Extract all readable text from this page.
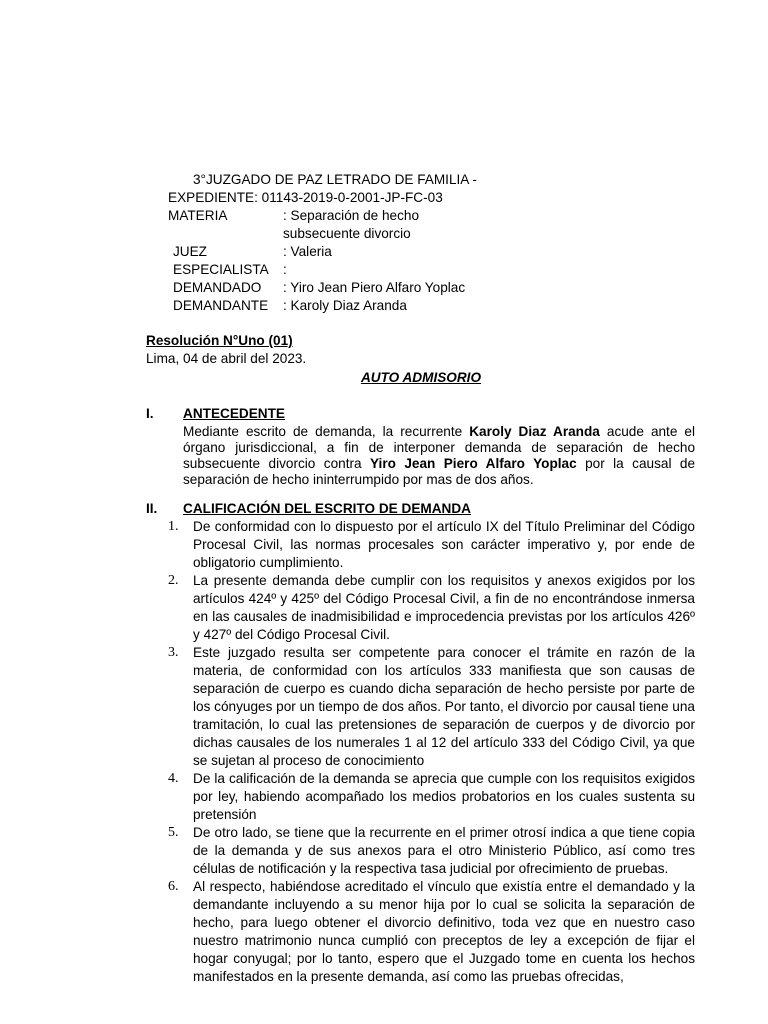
3°JUZGADO DE PAZ LETRADO DE FAMILIA -
EXPEDIENTE: 01143-2019-0-2001-JP-FC-03
MATERIA	: Separación de hecho
subsecuente divorcio
JUEZ	: Valeria
ESPECIALISTA :
DEMANDADO : Yiro Jean Piero Alfaro Yoplac
DEMANDANTE : Karoly Diaz Aranda
Resolución N°Uno (01)
Lima, 04 de abril del 2023.
AUTO ADMISORIO
I. ANTECEDENTE
Mediante escrito de demanda, la recurrente Karoly Diaz Aranda acude ante el órgano jurisdiccional, a fin de interponer demanda de separación de hecho subsecuente divorcio contra Yiro Jean Piero Alfaro Yoplac por la causal de separación de hecho ininterrumpido por mas de dos años.
II. CALIFICACIÓN DEL ESCRITO DE DEMANDA
1. De conformidad con lo dispuesto por el artículo IX del Título Preliminar del Código Procesal Civil, las normas procesales son carácter imperativo y, por ende de obligatorio cumplimiento.
2. La presente demanda debe cumplir con los requisitos y anexos exigidos por los artículos 424º y 425º del Código Procesal Civil, a fin de no encontrándose inmersa en las causales de inadmisibilidad e improcedencia previstas por los artículos 426º y 427º del Código Procesal Civil.
3. Este juzgado resulta ser competente para conocer el trámite en razón de la materia, de conformidad con los artículos 333 manifiesta que son causas de separación de cuerpo es cuando dicha separación de hecho persiste por parte de los cónyuges por un tiempo de dos años. Por tanto, el divorcio por causal tiene una tramitación, lo cual las pretensiones de separación de cuerpos y de divorcio por dichas causales de los numerales 1 al 12 del artículo 333 del Código Civil, ya que se sujetan al proceso de conocimiento
4. De la calificación de la demanda se aprecia que cumple con los requisitos exigidos por ley, habiendo acompañado los medios probatorios en los cuales sustenta su pretensión
5. De otro lado, se tiene que la recurrente en el primer otrosí indica a que tiene copia de la demanda y de sus anexos para el otro Ministerio Público, así como tres células de notificación y la respectiva tasa judicial por ofrecimiento de pruebas.
6. Al respecto, habiéndose acreditado el vínculo que existía entre el demandado y la demandante incluyendo a su menor hija por lo cual se solicita la separación de hecho, para luego obtener el divorcio definitivo, toda vez que en nuestro caso nuestro matrimonio nunca cumplió con preceptos de ley a excepción de fijar el hogar conyugal; por lo tanto, espero que el Juzgado tome en cuenta los hechos manifestados en la presente demanda, así como las pruebas ofrecidas,
